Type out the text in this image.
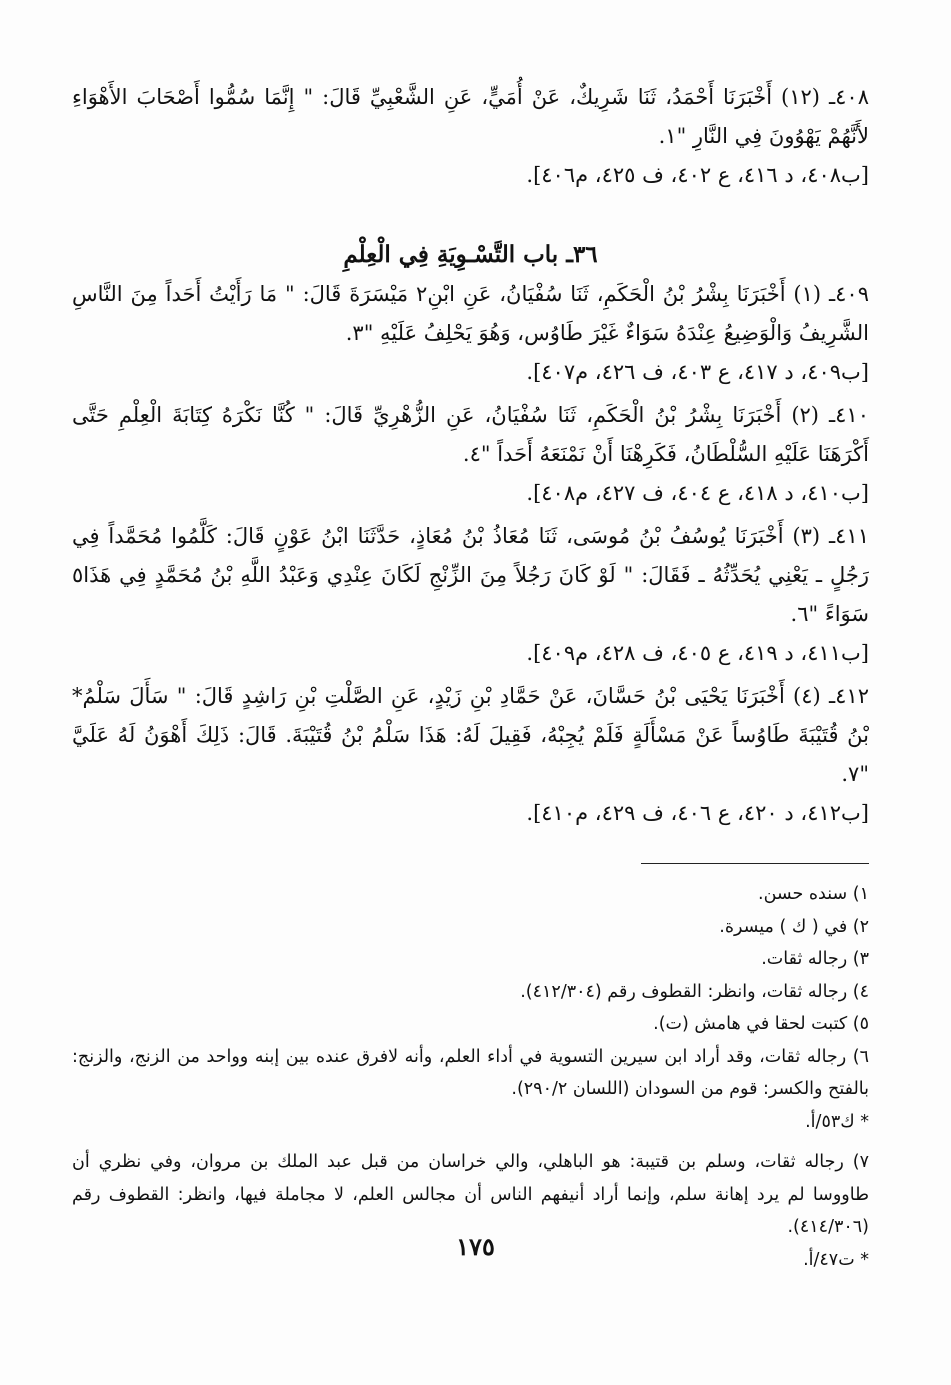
٤٠٨ـ (١٢) أَخْبَرَنَا أَحْمَدُ، ثَنَا شَرِيكٌ، عَنْ أُمَيٍّ، عَنِ الشَّعْبِيِّ قَالَ: " إِنَّمَا سُمُّوا أَصْحَابَ الأَهْوَاءِ لأَنَّهُمْ يَهْوُونَ فِي النَّارِ "١.

[ب٤٠٨، د ٤١٦، ع ٤٠٢، ف ٤٢٥، م٤٠٦].

٣٦ـ باب التَّسْـوِيَةِ فِي الْعِلْمِ

٤٠٩ـ (١) أَخْبَرَنَا بِشْرُ بْنُ الْحَكَمِ، ثَنَا سُفْيَانُ، عَنِ ابْنِ٢ مَيْسَرَةَ قَالَ: " مَا رَأَيْتُ أَحَداً مِنَ النَّاسِ الشَّرِيفُ وَالْوَضِيعُ عِنْدَهُ سَوَاءٌ غَيْرَ طَاوُس، وَهُوَ يَحْلِفُ عَلَيْهِ "٣.

[ب٤٠٩، د ٤١٧، ع ٤٠٣، ف ٤٢٦، م٤٠٧].

٤١٠ـ (٢) أَخْبَرَنَا بِشْرُ بْنُ الْحَكَمِ، ثَنَا سُفْيَانُ، عَنِ الزُّهْرِيِّ قَالَ: " كُنَّا نَكْرَهُ كِتَابَةَ الْعِلْمِ حَتَّى أَكْرَهَنَا عَلَيْهِ السُّلْطَانُ، فَكَرِهْنَا أَنْ نَمْنَعَهُ أَحَداً "٤.

[ب٤١٠، د ٤١٨، ع ٤٠٤، ف ٤٢٧، م٤٠٨].

٤١١ـ (٣) أَخْبَرَنَا يُوسُفُ بْنُ مُوسَى، ثَنَا مُعَاذُ بْنُ مُعَاذٍ، حَدَّثَنَا ابْنُ عَوْنٍ قَالَ: كَلَّمُوا مُحَمَّداً فِي رَجُلٍ ـ يَعْنِي يُحَدِّثُهُ ـ فَقَالَ: " لَوْ كَانَ رَجُلاً مِنَ الزِّنْجِ لَكَانَ عِنْدِي وَعَبْدُ اللَّهِ بْنُ مُحَمَّدٍ فِي هَذَا٥ سَوَاءً "٦.

[ب٤١١، د ٤١٩، ع ٤٠٥، ف ٤٢٨، م٤٠٩].

٤١٢ـ (٤) أَخْبَرَنَا يَحْيَى بْنُ حَسَّانَ، عَنْ حَمَّادِ بْنِ زَيْدٍ، عَنِ الصَّلْتِ بْنِ رَاشِدٍ قَالَ: " سَأَلَ سَلْمُ* بْنُ قُتَيْبَةَ طَاوُساً عَنْ مَسْأَلَةٍ فَلَمْ يُجِبْهُ، فَقِيلَ لَهُ: هَذَا سَلْمُ بْنُ قُتَيْبَةَ. قَالَ: ذَلِكَ أَهْوَنُ لَهُ عَلَيَّ "٧.

[ب٤١٢، د ٤٢٠، ع ٤٠٦، ف ٤٢٩، م٤١٠].

١) سنده حسن.

٢) في ( ك ) ميسرة.

٣) رجاله ثقات.

٤) رجاله ثقات، وانظر: القطوف رقم (٤١٢/٣٠٤).

٥) كتبت لحقا في هامش (ت).

٦) رجاله ثقات، وقد أراد ابن سيرين التسوية في أداء العلم، وأنه لافرق عنده بين إبنه وواحد من الزنج، والزنج: بالفتح والكسر: قوم من السودان (اللسان ٢٩٠/٢).

* ك٥٣/أ.

٧) رجاله ثقات، وسلم بن قتيبة: هو الباهلي، والي خراسان من قبل عبد الملك بن مروان، وفي نظري أن طاووسا لم يرد إهانة سلم، وإنما أراد أنيفهم الناس أن مجالس العلم، لا مجاملة فيها، وانظر: القطوف رقم (٤١٤/٣٠٦).

* ت٤٧/أ.

١٧٥
